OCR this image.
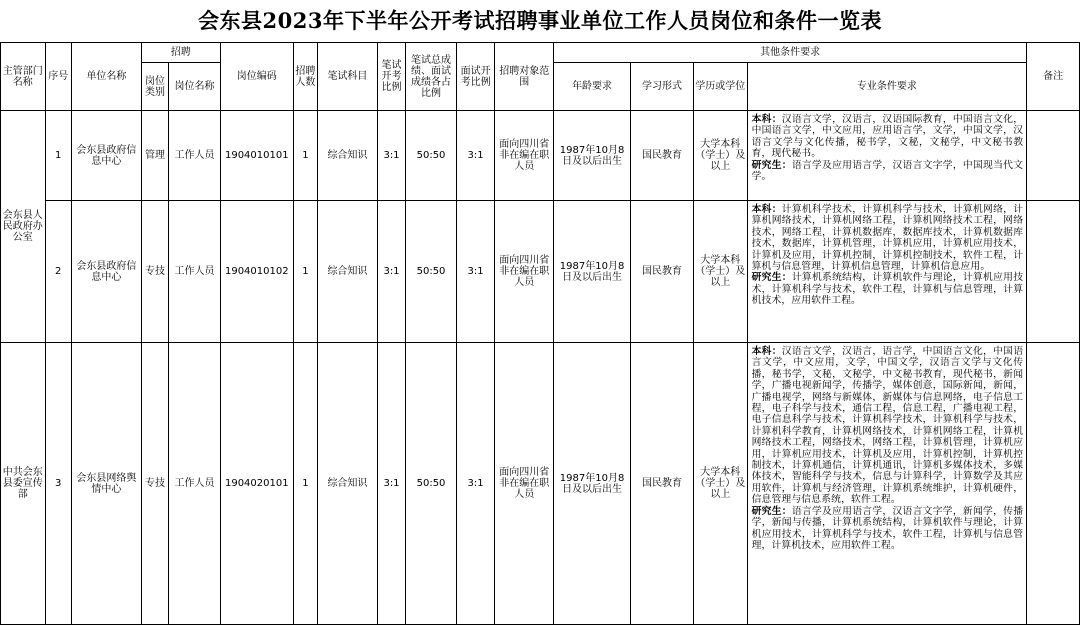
会东县2023年下半年公开考试招聘事业单位工作人员岗位和条件一览表
主管部门名称	序号	单位名称	招聘		岗位编码	招聘人数	笔试科目	笔试开考比例	笔试总成绩、面试成绩各占比例	面试开考比例	招聘对象范围	其他条件要求				备注
			岗位类别	岗位名称								年龄要求	学习形式	学历或学位	专业条件要求	
会东县人民政府办公室	1	会东县政府信息中心	管理	工作人员	1904010101	1	综合知识	3:1	50:50	3:1	面向四川省非在编在职人员	1987年10月8日及以后出生	国民教育	大学本科（学士）及以上	本科：汉语言文学，汉语言，汉语国际教育，中国语言文化，中国语言文学，中文应用，应用语言学，文学，中国文学，汉语言文学与文化传播，秘书学，文秘，文秘学，中文秘书教育，现代秘书。
研究生：语言学及应用语言学，汉语言文字学，中国现当代文学。	
	2	会东县政府信息中心	专技	工作人员	1904010102	1	综合知识	3:1	50:50	3:1	面向四川省非在编在职人员	1987年10月8日及以后出生	国民教育	大学本科（学士）及以上	本科：计算机科学技术，计算机科学与技术，计算机网络，计算机网络技术，计算机网络工程，计算机网络技术工程，网络技术，网络工程，计算机数据库，数据库技术，计算机数据库技术，数据库，计算机管理，计算机应用，计算机应用技术，计算机及应用，计算机控制，计算机控制技术，软件工程，计算机与信息管理，计算机信息管理，计算机信息应用。
研究生：计算机系统结构，计算机软件与理论，计算机应用技术，计算机科学与技术，软件工程，计算机与信息管理，计算机技术，应用软件工程。	
中共会东县委宣传部	3	会东县网络舆情中心	专技	工作人员	1904020101	1	综合知识	3:1	50:50	3:1	面向四川省非在编在职人员	1987年10月8日及以后出生	国民教育	大学本科（学士）及以上	本科：汉语言文学，汉语言，语言学，中国语言文化，中国语言文学，中文应用，文学，中国文学，汉语言文学与文化传播，秘书学，文秘，文秘学，中文秘书教育，现代秘书，新闻学，广播电视新闻学，传播学，媒体创意，国际新闻，新闻，广播电视学，网络与新媒体，新媒体与信息网络，电子信息工程，电子科学与技术，通信工程，信息工程，广播电视工程，电子信息科学与技术，计算机科学技术，计算机科学与技术，计算机科学教育，计算机网络技术，计算机网络工程，计算机网络技术工程，网络技术，网络工程，计算机管理，计算机应用，计算机应用技术，计算机及应用，计算机控制，计算机控制技术，计算机通信，计算机通讯，计算机多媒体技术，多媒体技术，智能科学与技术，信息与计算科学，计算数学及其应用软件，计算机与经济管理，计算机系统维护，计算机硬件，信息管理与信息系统，软件工程。
研究生：语言学及应用语言学，汉语言文字学，新闻学，传播学，新闻与传播，计算机系统结构，计算机软件与理论，计算机应用技术，计算机科学与技术，软件工程，计算机与信息管理，计算机技术，应用软件工程。	
